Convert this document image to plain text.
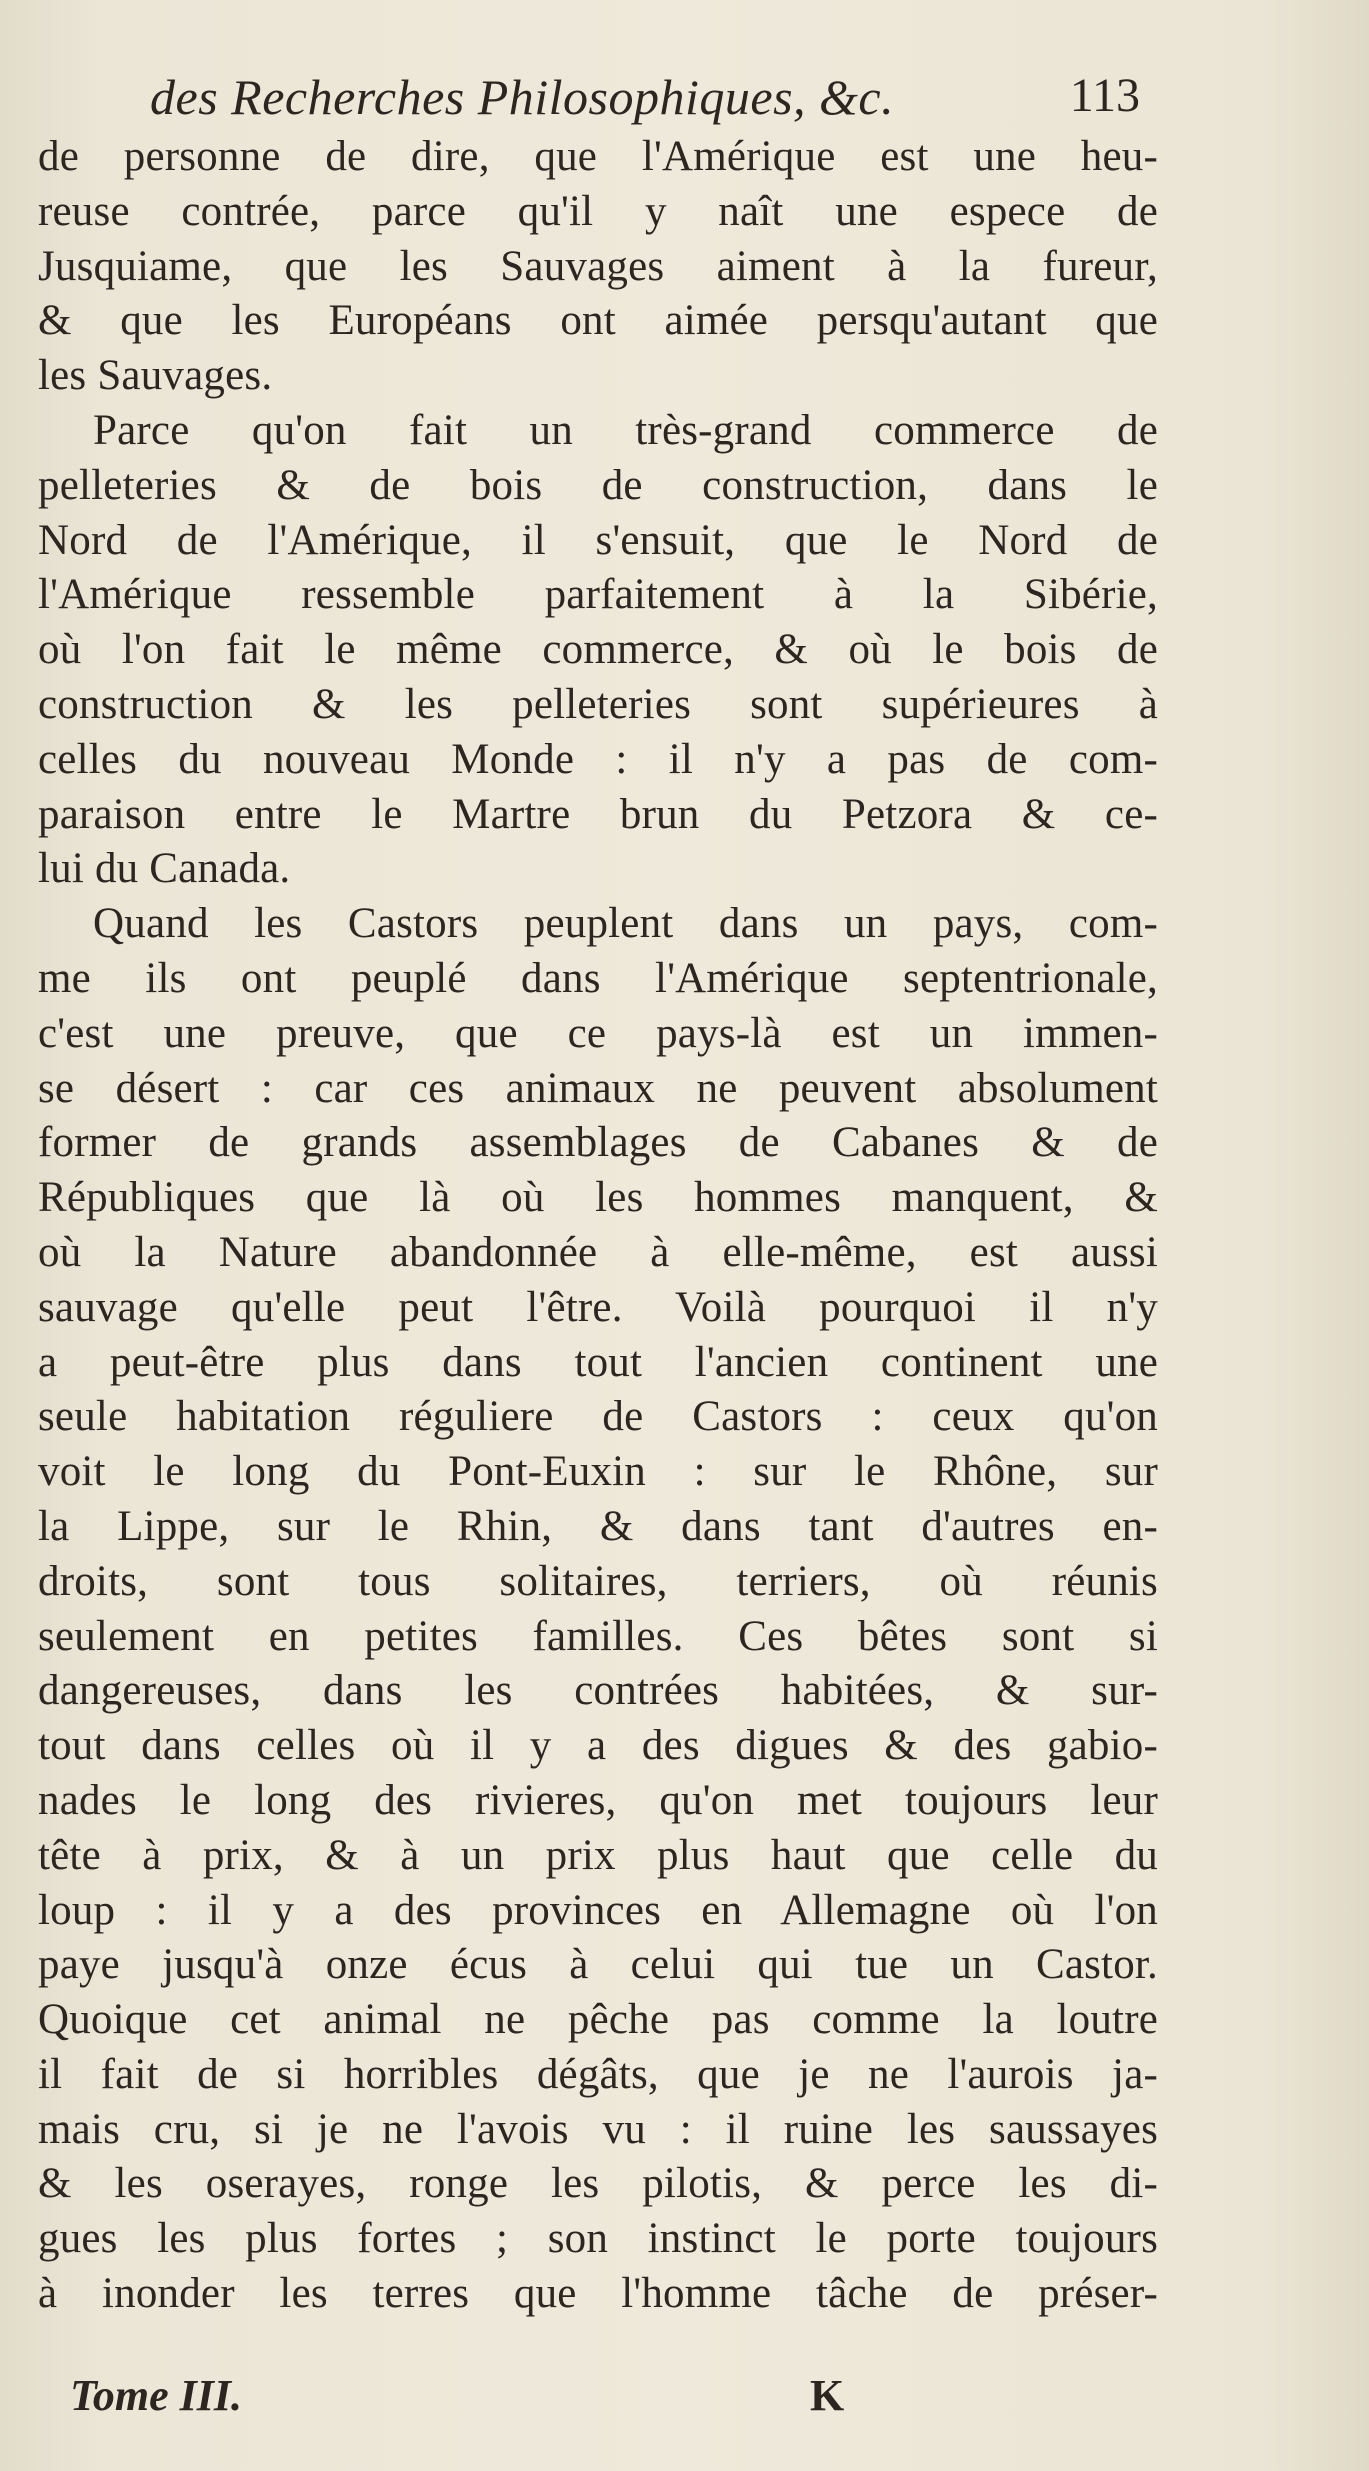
des Recherches Philosophiques, &c.	113
de personne de dire, que l'Amérique est une heu-
reuse contrée, parce qu'il y naît une espece de
Jusquiame, que les Sauvages aiment à la fureur,
& que les Européans ont aimée persqu'autant que
les Sauvages.
Parce qu'on fait un très-grand commerce de
pelleteries & de bois de construction, dans le
Nord de l'Amérique, il s'ensuit, que le Nord de
l'Amérique ressemble parfaitement à la Sibérie,
où l'on fait le même commerce, & où le bois de
construction & les pelleteries sont supérieures à
celles du nouveau Monde : il n'y a pas de com-
paraison entre le Martre brun du Petzora & ce-
lui du Canada.
Quand les Castors peuplent dans un pays, com-
me ils ont peuplé dans l'Amérique septentrionale,
c'est une preuve, que ce pays-là est un immen-
se désert : car ces animaux ne peuvent absolument
former de grands assemblages de Cabanes & de
Républiques que là où les hommes manquent, &
où la Nature abandonnée à elle-même, est aussi
sauvage qu'elle peut l'être. Voilà pourquoi il n'y
a peut-être plus dans tout l'ancien continent une
seule habitation réguliere de Castors : ceux qu'on
voit le long du Pont-Euxin : sur le Rhône, sur
la Lippe, sur le Rhin, & dans tant d'autres en-
droits, sont tous solitaires, terriers, où réunis
seulement en petites familles. Ces bêtes sont si
dangereuses, dans les contrées habitées, & sur-
tout dans celles où il y a des digues & des gabio-
nades le long des rivieres, qu'on met toujours leur
tête à prix, & à un prix plus haut que celle du
loup : il y a des provinces en Allemagne où l'on
paye jusqu'à onze écus à celui qui tue un Castor.
Quoique cet animal ne pêche pas comme la loutre
il fait de si horribles dégâts, que je ne l'aurois ja-
mais cru, si je ne l'avois vu : il ruine les saussayes
& les oserayes, ronge les pilotis, & perce les di-
gues les plus fortes ; son instinct le porte toujours
à inonder les terres que l'homme tâche de préser-
Tome III.	K
